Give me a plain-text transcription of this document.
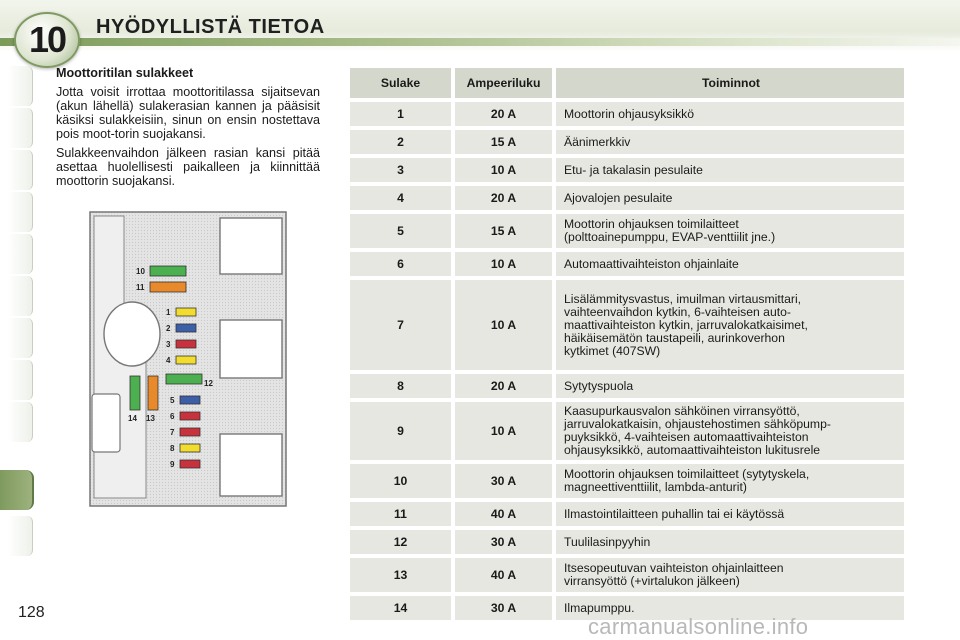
10	HYÖDYLLISTÄ TIETOA
128
Moottoritilan sulakkeet

Jotta voisit irrottaa moottoritilassa sijaitsevan (akun lähellä) sulakerasian kannen ja pääsisit käsiksi sulakkeisiin, sinun on ensin nostettava pois moot-torin suojakansi.

Sulakkeenvaihdon jälkeen rasian kansi pitää asettaa huolellisesti paikalleen ja kiinnittää moottorin suojakansi.

10
11
1
2
3
4
12
5
6
7
8
9
14 13
Sulake	Ampeeriluku	Toiminnot
1	20 A	Moottorin ohjausyksikkö
2	15 A	Äänimerkkiv
3	10 A	Etu- ja takalasin pesulaite
4	20 A	Ajovalojen pesulaite
5	15 A	Moottorin ohjauksen toimilaitteet
(polttoainepumppu, EVAP-venttiilit jne.)
6	10 A	Automaattivaihteiston ohjainlaite
7	10 A
Lisälämmitysvastus, imuilman virtausmittari,
vaihteenvaihdon kytkin, 6-vaihteisen auto-
maattivaihteiston kytkin, jarruvalokatkaisimet,
häikäisemätön taustapeili, aurinkoverhon
kytkimet (407SW)
8	20 A	Sytytyspuola
9	10 A
Kaasupurkausvalon sähköinen virransyöttö,
jarruvalokatkaisin, ohjaustehostimen sähköpump-
puyksikkö, 4-vaihteisen automaattivaihteiston
ohjausyksikkö, automaattivaihteiston lukitusrele
10	30 A	Moottorin ohjauksen toimilaitteet (sytytyskela,
magneettiventtiilit, lambda-anturit)
11	40 A	Ilmastointilaitteen puhallin tai ei käytössä
12	30 A	Tuulilasinpyyhin
13	40 A	Itsesopeutuvan vaihteiston ohjainlaitteen
virransyöttö (+virtalukon jälkeen)
14	30 A	Ilmapumppu.
carmanualsonline.info
